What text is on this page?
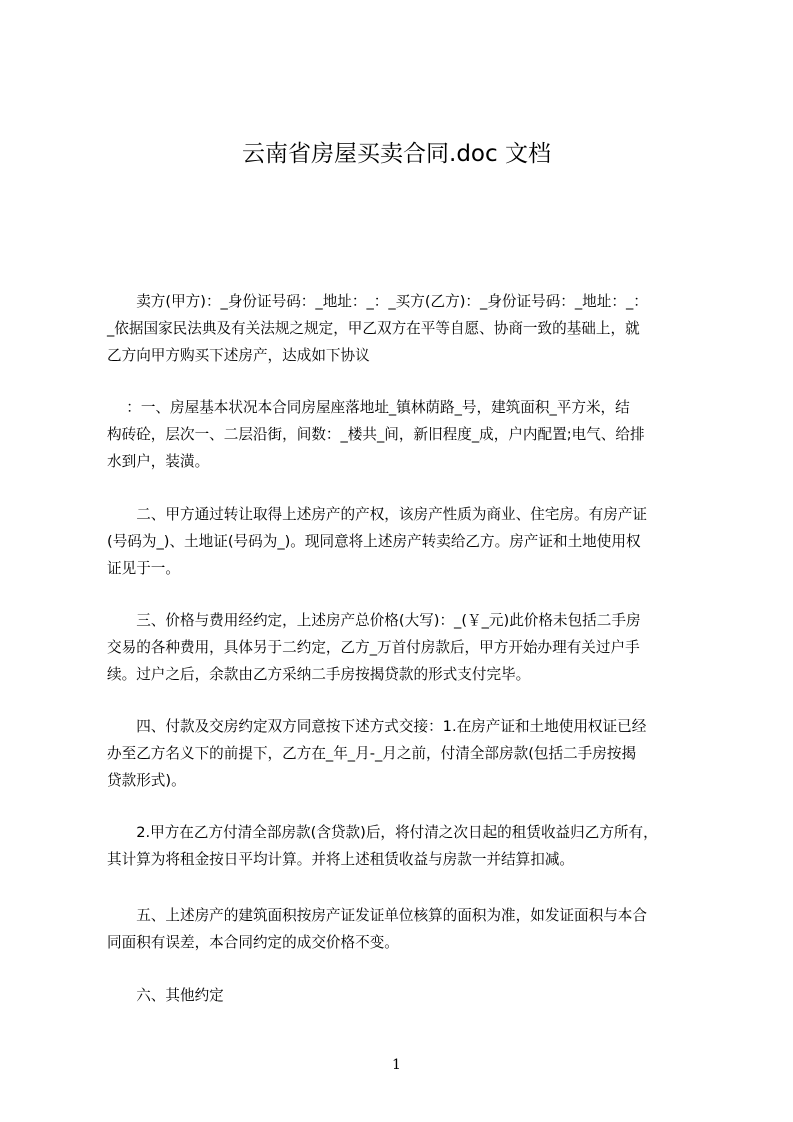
云南省房屋买卖合同.doc 文档
　　卖方(甲方)：_身份证号码：_地址：_：_买方(乙方)：_身份证号码：_地址：_：
_依据国家民法典及有关法规之规定，甲乙双方在平等自愿、协商一致的基础上，就
乙方向甲方购买下述房产，达成如下协议
　 ：一、房屋基本状况本合同房屋座落地址_镇林荫路_号，建筑面积_平方米，结
构砖砼，层次一、二层沿街，间数：_楼共_间，新旧程度_成，户内配置;电气、给排
水到户，装潢。
　　二、甲方通过转让取得上述房产的产权，该房产性质为商业、住宅房。有房产证
(号码为_)、土地证(号码为_)。现同意将上述房产转卖给乙方。房产证和土地使用权
证见于一。
　　三、价格与费用经约定，上述房产总价格(大写)：_(￥_元)此价格未包括二手房
交易的各种费用，具体另于二约定，乙方_万首付房款后，甲方开始办理有关过户手
续。过户之后，余款由乙方采纳二手房按揭贷款的形式支付完毕。
　　四、付款及交房约定双方同意按下述方式交接：1.在房产证和土地使用权证已经
办至乙方名义下的前提下，乙方在_年_月-_月之前，付清全部房款(包括二手房按揭
贷款形式)。
　　2.甲方在乙方付清全部房款(含贷款)后，将付清之次日起的租赁收益归乙方所有，
其计算为将租金按日平均计算。并将上述租赁收益与房款一并结算扣减。
　　五、上述房产的建筑面积按房产证发证单位核算的面积为准，如发证面积与本合
同面积有误差，本合同约定的成交价格不变。
　　六、其他约定
1
